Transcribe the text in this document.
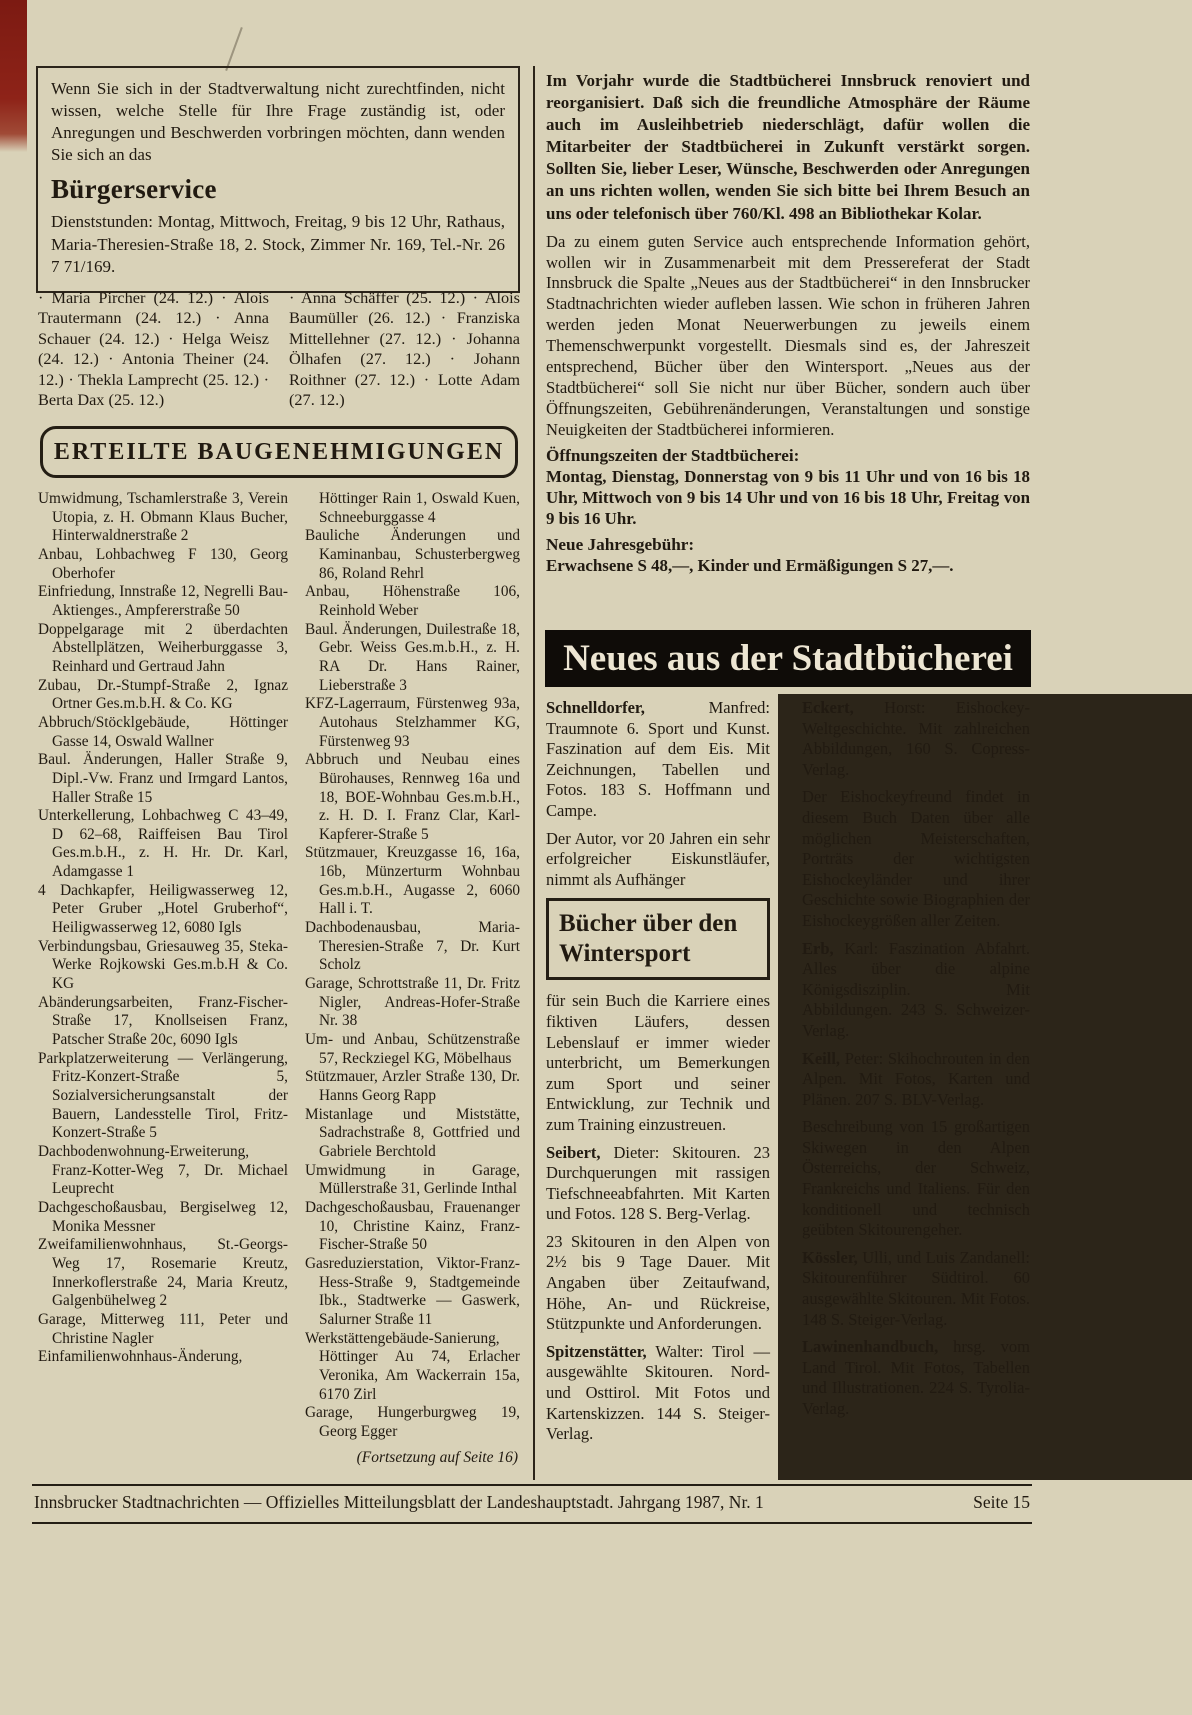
Wenn Sie sich in der Stadtverwaltung nicht zurechtfinden, nicht wissen, welche Stelle für Ihre Frage zuständig ist, oder Anregungen und Beschwerden vorbringen möchten, dann wenden Sie sich an das

Bürgerservice

Dienststunden: Montag, Mittwoch, Freitag, 9 bis 12 Uhr, Rathaus, Maria-Theresien-Straße 18, 2. Stock, Zimmer Nr. 169, Tel.-Nr. 26 7 71/169.

· Maria Pircher (24. 12.) · Alois Trautermann (24. 12.) · Anna Schauer (24. 12.) · Helga Weisz (24. 12.) · Antonia Theiner (24. 12.) · Thekla Lamprecht (25. 12.) · Berta Dax (25. 12.)

· Anna Schäffer (25. 12.) · Alois Baumüller (26. 12.) · Franziska Mittellehner (27. 12.) · Johanna Ölhafen (27. 12.) · Johann Roithner (27. 12.) · Lotte Adam (27. 12.)

ERTEILTE BAUGENEHMIGUNGEN

Umwidmung, Tschamlerstraße 3, Verein Utopia, z. H. Obmann Klaus Bucher, Hinterwaldnerstraße 2

Anbau, Lohbachweg F 130, Georg Oberhofer

Einfriedung, Innstraße 12, Negrelli Bau-Aktienges., Ampfererstraße 50

Doppelgarage mit 2 überdachten Abstellplätzen, Weiherburggasse 3, Reinhard und Gertraud Jahn

Zubau, Dr.-Stumpf-Straße 2, Ignaz Ortner Ges.m.b.H. & Co. KG

Abbruch/Stöcklgebäude, Höttinger Gasse 14, Oswald Wallner

Baul. Änderungen, Haller Straße 9, Dipl.-Vw. Franz und Irmgard Lantos, Haller Straße 15

Unterkellerung, Lohbachweg C 43–49, D 62–68, Raiffeisen Bau Tirol Ges.m.b.H., z. H. Hr. Dr. Karl, Adamgasse 1

4 Dachkapfer, Heiligwasserweg 12, Peter Gruber „Hotel Gruberhof“, Heiligwasserweg 12, 6080 Igls

Verbindungsbau, Griesauweg 35, Steka-Werke Rojkowski Ges.m.b.H & Co. KG

Abänderungsarbeiten, Franz-Fischer-Straße 17, Knollseisen Franz, Patscher Straße 20c, 6090 Igls

Parkplatzerweiterung — Verlängerung, Fritz-Konzert-Straße 5, Sozialversicherungsanstalt der Bauern, Landesstelle Tirol, Fritz-Konzert-Straße 5

Dachbodenwohnung-Erweiterung, Franz-Kotter-Weg 7, Dr. Michael Leuprecht

Dachgeschoßausbau, Bergiselweg 12, Monika Messner

Zweifamilienwohnhaus, St.-Georgs-Weg 17, Rosemarie Kreutz, Innerkoflerstraße 24, Maria Kreutz, Galgenbühelweg 2

Garage, Mitterweg 111, Peter und Christine Nagler

Einfamilienwohnhaus-Änderung,

Höttinger Rain 1, Oswald Kuen, Schneeburggasse 4

Bauliche Änderungen und Kaminanbau, Schusterbergweg 86, Roland Rehrl

Anbau, Höhenstraße 106, Reinhold Weber

Baul. Änderungen, Duilestraße 18, Gebr. Weiss Ges.m.b.H., z. H. RA Dr. Hans Rainer, Lieberstraße 3

KFZ-Lagerraum, Fürstenweg 93a, Autohaus Stelzhammer KG, Fürstenweg 93

Abbruch und Neubau eines Bürohauses, Rennweg 16a und 18, BOE-Wohnbau Ges.m.b.H., z. H. D. I. Franz Clar, Karl-Kapferer-Straße 5

Stützmauer, Kreuzgasse 16, 16a, 16b, Münzerturm Wohnbau Ges.m.b.H., Augasse 2, 6060 Hall i. T.

Dachbodenausbau, Maria-Theresien-Straße 7, Dr. Kurt Scholz

Garage, Schrottstraße 11, Dr. Fritz Nigler, Andreas-Hofer-Straße Nr. 38

Um- und Anbau, Schützenstraße 57, Reckziegel KG, Möbelhaus

Stützmauer, Arzler Straße 130, Dr. Hanns Georg Rapp

Mistanlage und Miststätte, Sadrachstraße 8, Gottfried und Gabriele Berchtold

Umwidmung in Garage, Müllerstraße 31, Gerlinde Inthal

Dachgeschoßausbau, Frauenanger 10, Christine Kainz, Franz-Fischer-Straße 50

Gasreduzierstation, Viktor-Franz-Hess-Straße 9, Stadtgemeinde Ibk., Stadtwerke — Gaswerk, Salurner Straße 11

Werkstättengebäude-Sanierung, Höttinger Au 74, Erlacher Veronika, Am Wackerrain 15a, 6170 Zirl

Garage, Hungerburgweg 19, Georg Egger

(Fortsetzung auf Seite 16)

Im Vorjahr wurde die Stadtbücherei Innsbruck renoviert und reorganisiert. Daß sich die freundliche Atmosphäre der Räume auch im Ausleihbetrieb niederschlägt, dafür wollen die Mitarbeiter der Stadtbücherei in Zukunft verstärkt sorgen. Sollten Sie, lieber Leser, Wünsche, Beschwerden oder Anregungen an uns richten wollen, wenden Sie sich bitte bei Ihrem Besuch an uns oder telefonisch über 760/Kl. 498 an Bibliothekar Kolar.

Da zu einem guten Service auch entsprechende Information gehört, wollen wir in Zusammenarbeit mit dem Pressereferat der Stadt Innsbruck die Spalte „Neues aus der Stadtbücherei“ in den Innsbrucker Stadtnachrichten wieder aufleben lassen. Wie schon in früheren Jahren werden jeden Monat Neuerwerbungen zu jeweils einem Themenschwerpunkt vorgestellt. Diesmals sind es, der Jahreszeit entsprechend, Bücher über den Wintersport. „Neues aus der Stadtbücherei“ soll Sie nicht nur über Bücher, sondern auch über Öffnungszeiten, Gebührenänderungen, Veranstaltungen und sonstige Neuigkeiten der Stadtbücherei informieren.

Öffnungszeiten der Stadtbücherei:

Montag, Dienstag, Donnerstag von 9 bis 11 Uhr und von 16 bis 18 Uhr, Mittwoch von 9 bis 14 Uhr und von 16 bis 18 Uhr, Freitag von 9 bis 16 Uhr.

Neue Jahresgebühr:

Erwachsene S 48,—, Kinder und Ermäßigungen S 27,—.

Neues aus der Stadtbücherei

Schnelldorfer, Manfred: Traumnote 6. Sport und Kunst. Faszination auf dem Eis. Mit Zeichnungen, Tabellen und Fotos. 183 S. Hoffmann und Campe.

Der Autor, vor 20 Jahren ein sehr erfolgreicher Eiskunstläufer, nimmt als Aufhänger

Bücher über den Wintersport

für sein Buch die Karriere eines fiktiven Läufers, dessen Lebenslauf er immer wieder unterbricht, um Bemerkungen zum Sport und seiner Entwicklung, zur Technik und zum Training einzustreuen.

Seibert, Dieter: Skitouren. 23 Durchquerungen mit rassigen Tiefschneeabfahrten. Mit Karten und Fotos. 128 S. Berg-Verlag.

23 Skitouren in den Alpen von 2½ bis 9 Tage Dauer. Mit Angaben über Zeitaufwand, Höhe, An- und Rückreise, Stützpunkte und Anforderungen.

Spitzenstätter, Walter: Tirol — ausgewählte Skitouren. Nord- und Osttirol. Mit Fotos und Kartenskizzen. 144 S. Steiger-Verlag.

Eckert, Horst: Eishockey-Weltgeschichte. Mit zahlreichen Abbildungen, 160 S. Copress-Verlag.

Der Eishockeyfreund findet in diesem Buch Daten über alle möglichen Meisterschaften, Porträts der wichtigsten Eishockeyländer und ihrer Geschichte sowie Biographien der Eishockeygrößen aller Zeiten.

Erb, Karl: Faszination Abfahrt. Alles über die alpine Königsdisziplin. Mit Abbildungen. 243 S. Schweizer-Verlag.

Keill, Peter: Skihochrouten in den Alpen. Mit Fotos, Karten und Plänen. 207 S. BLV-Verlag.

Beschreibung von 15 großartigen Skiwegen in den Alpen Österreichs, der Schweiz, Frankreichs und Italiens. Für den konditionell und technisch geübten Skitourengeher.

Kössler, Ulli, und Luis Zandanell: Skitourenführer Südtirol. 60 ausgewählte Skitouren. Mit Fotos. 148 S. Steiger-Verlag.

Lawinenhandbuch, hrsg. vom Land Tirol. Mit Fotos, Tabellen und Illustrationen. 224 S. Tyrolia-Verlag.

Innsbrucker Stadtnachrichten — Offizielles Mitteilungsblatt der Landeshauptstadt. Jahrgang 1987, Nr. 1	Seite 15
